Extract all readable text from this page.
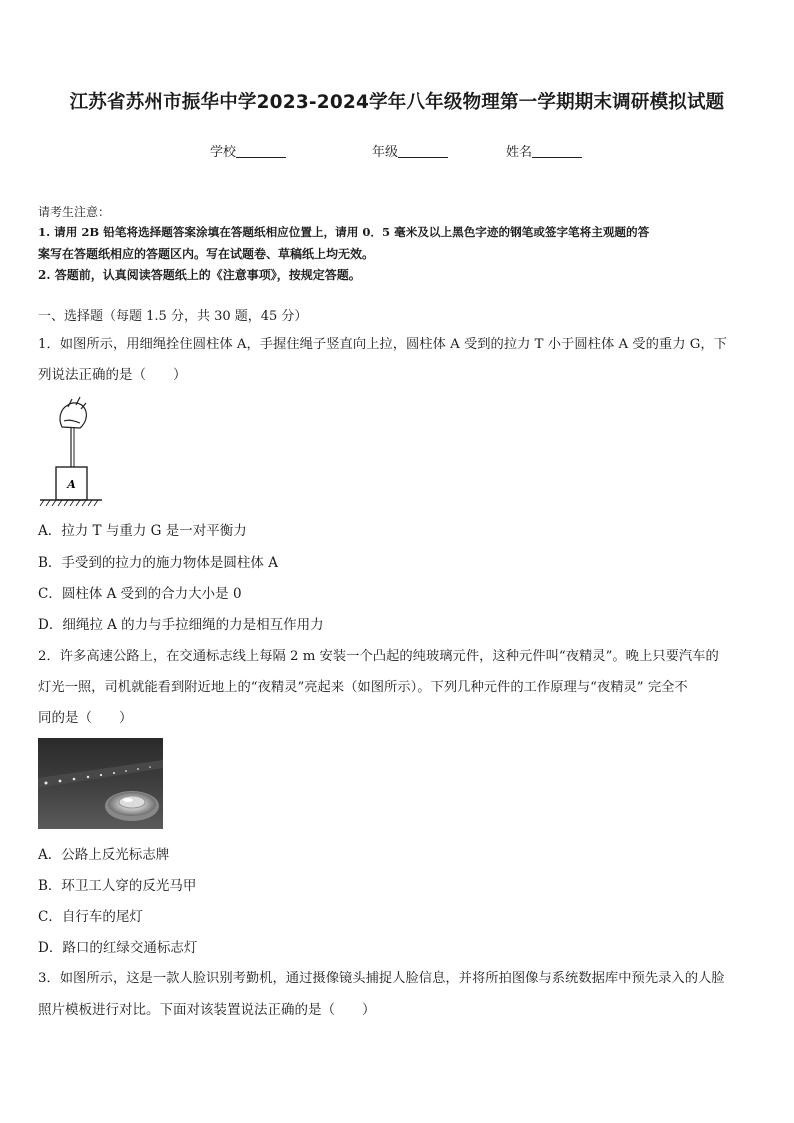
江苏省苏州市振华中学2023-2024学年八年级物理第一学期期末调研模拟试题
学校	年级	姓名
请考生注意：
1. 请用 2B 铅笔将选择题答案涂填在答题纸相应位置上，请用 0．5 毫米及以上黑色字迹的钢笔或签字笔将主观题的答
案写在答题纸相应的答题区内。写在试题卷、草稿纸上均无效。
2. 答题前，认真阅读答题纸上的《注意事项》，按规定答题。
一、选择题（每题 1.5 分，共 30 题，45 分）
1．如图所示，用细绳拴住圆柱体 A，手握住绳子竖直向上拉，圆柱体 A 受到的拉力 T 小于圆柱体 A 受的重力 G，下
列说法正确的是（　　）
A
A．拉力 T 与重力 G 是一对平衡力
B．手受到的拉力的施力物体是圆柱体 A
C．圆柱体 A 受到的合力大小是 0
D．细绳拉 A 的力与手拉细绳的力是相互作用力
2．许多高速公路上，在交通标志线上每隔 2 m 安装一个凸起的纯玻璃元件，这种元件叫“夜精灵”。晚上只要汽车的
灯光一照，司机就能看到附近地上的“夜精灵”亮起来（如图所示）。下列几种元件的工作原理与“夜精灵” 完全不
同的是（　　）
A．公路上反光标志牌
B．环卫工人穿的反光马甲
C．自行车的尾灯
D．路口的红绿交通标志灯
3．如图所示，这是一款人脸识别考勤机，通过摄像镜头捕捉人脸信息，并将所拍图像与系统数据库中预先录入的人脸
照片模板进行对比。下面对该装置说法正确的是（　　）
